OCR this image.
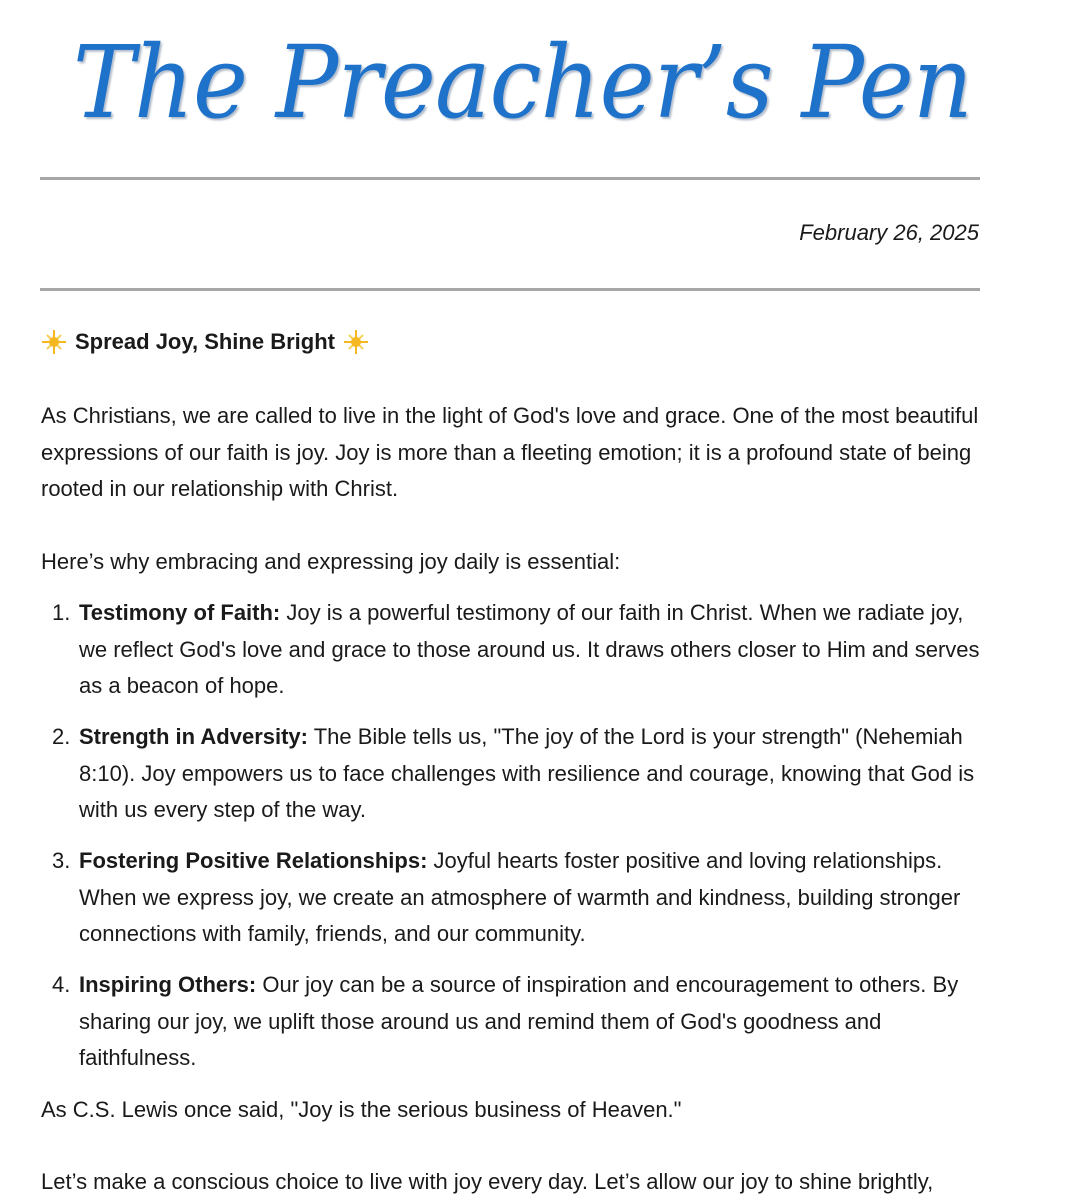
The Preacher’s Pen
February 26, 2025
Spread Joy, Shine Bright

As Christians, we are called to live in the light of God's love and grace. One of the most beautiful expressions of our faith is joy. Joy is more than a fleeting emotion; it is a profound state of being rooted in our relationship with Christ.

Here’s why embracing and expressing joy daily is essential:

1. Testimony of Faith: Joy is a powerful testimony of our faith in Christ. When we radiate joy, we reflect God's love and grace to those around us. It draws others closer to Him and serves as a beacon of hope.
2. Strength in Adversity: The Bible tells us, "The joy of the Lord is your strength" (Nehemiah 8:10). Joy empowers us to face challenges with resilience and courage, knowing that God is with us every step of the way.
3. Fostering Positive Relationships: Joyful hearts foster positive and loving relationships. When we express joy, we create an atmosphere of warmth and kindness, building stronger connections with family, friends, and our community.
4. Inspiring Others: Our joy can be a source of inspiration and encouragement to others. By sharing our joy, we uplift those around us and remind them of God's goodness and faithfulness.

As C.S. Lewis once said, "Joy is the serious business of Heaven."

Let’s make a conscious choice to live with joy every day. Let’s allow our joy to shine brightly,
